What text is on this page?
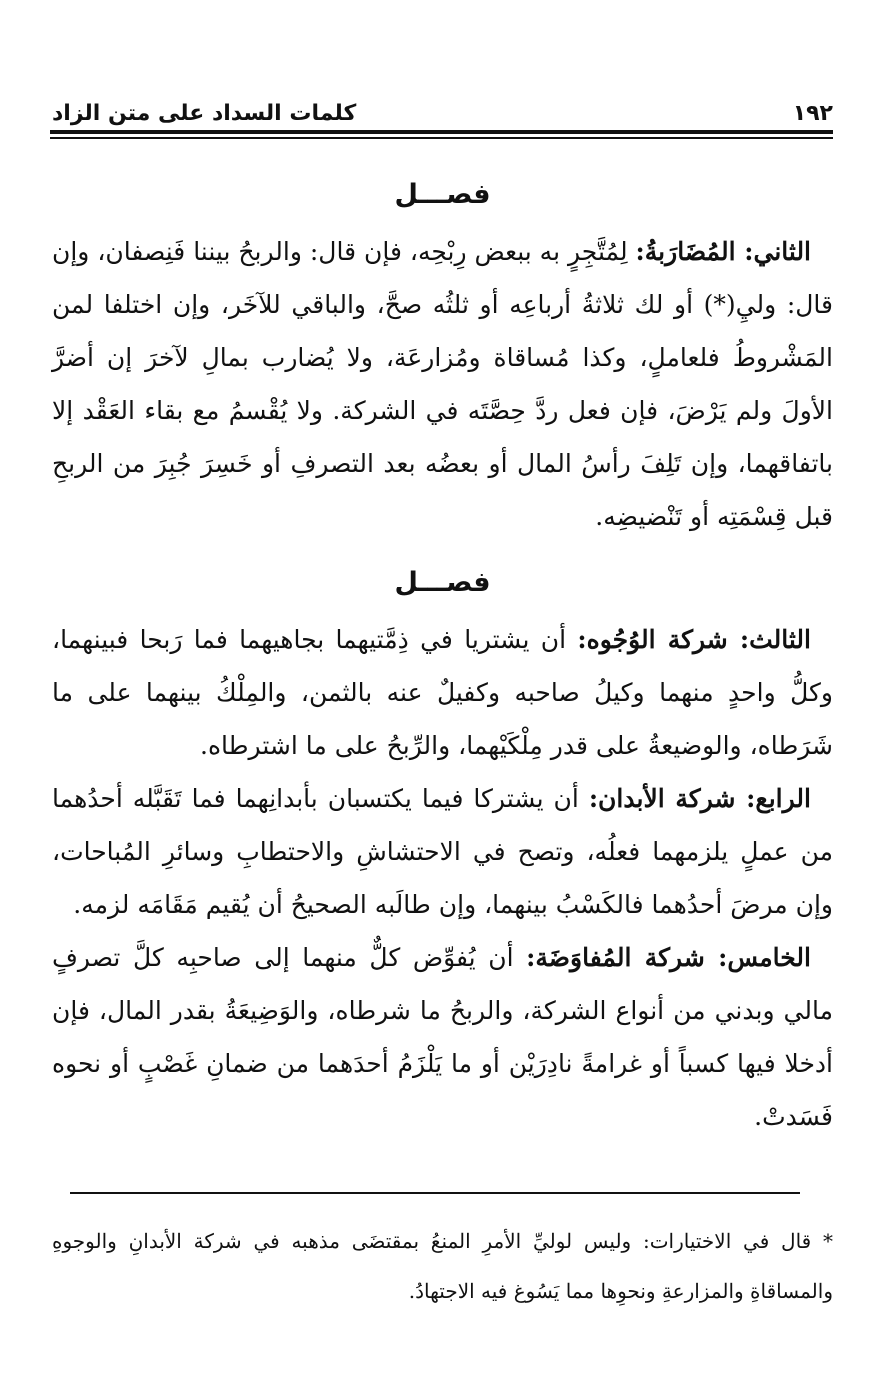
١٩٢
كلمات السداد على متن الزاد
فصـــل

الثاني: المُضَارَبةُ: لِمُتَّجِرٍ به ببعض رِبْحِه، فإن قال: والربحُ بيننا فَنِصفان، وإن قال: وليِ(*) أو لك ثلاثةُ أرباعِه أو ثلثُه صحَّ، والباقي للآخَر، وإن اختلفا لمن المَشْروطُ فلعاملٍ، وكذا مُساقاة ومُزارعَة، ولا يُضارب بمالِ لآخرَ إن أضرَّ الأولَ ولم يَرْضَ، فإن فعل ردَّ حِصَّتَه في الشركة. ولا يُقْسمُ مع بقاء العَقْد إلا باتفاقهما، وإن تَلِفَ رأسُ المال أو بعضُه بعد التصرفِ أو خَسِرَ جُبِرَ من الربحِ قبل قِسْمَتِه أو تَنْضيضِه.

فصـــل

الثالث: شركة الوُجُوه: أن يشتريا في ذِمَّتيهما بجاهيهما فما رَبحا فبينهما، وكلُّ واحدٍ منهما وكيلُ صاحبه وكفيلٌ عنه بالثمن، والمِلْكُ بينهما على ما شَرَطاه، والوضيعةُ على قدر مِلْكَيْهما، والرِّبحُ على ما اشترطاه.

الرابع: شركة الأبدان: أن يشتركا فيما يكتسبان بأبدانِهما فما تَقَبَّله أحدُهما من عملٍ يلزمهما فعلُه، وتصح في الاحتشاشِ والاحتطابِ وسائرِ المُباحات، وإن مرضَ أحدُهما فالكَسْبُ بينهما، وإن طالَبه الصحيحُ أن يُقيم مَقَامَه لزمه.

الخامس: شركة المُفاوَضَة: أن يُفوِّض كلٌّ منهما إلى صاحبِه كلَّ تصرفٍ مالي وبدني من أنواع الشركة، والربحُ ما شرطاه، والوَضِيعَةُ بقدر المال، فإن أدخلا فيها كسباً أو غرامةً نادِرَيْن أو ما يَلْزَمُ أحدَهما من ضمانِ غَصْبٍ أو نحوه فَسَدتْ.

* قال في الاختيارات: وليس لوليِّ الأمرِ المنعُ بمقتضَى مذهبه في شركة الأبدانِ والوجوهِ والمساقاةِ والمزارعةِ ونحوِها مما يَسُوغ فيه الاجتهادُ.
